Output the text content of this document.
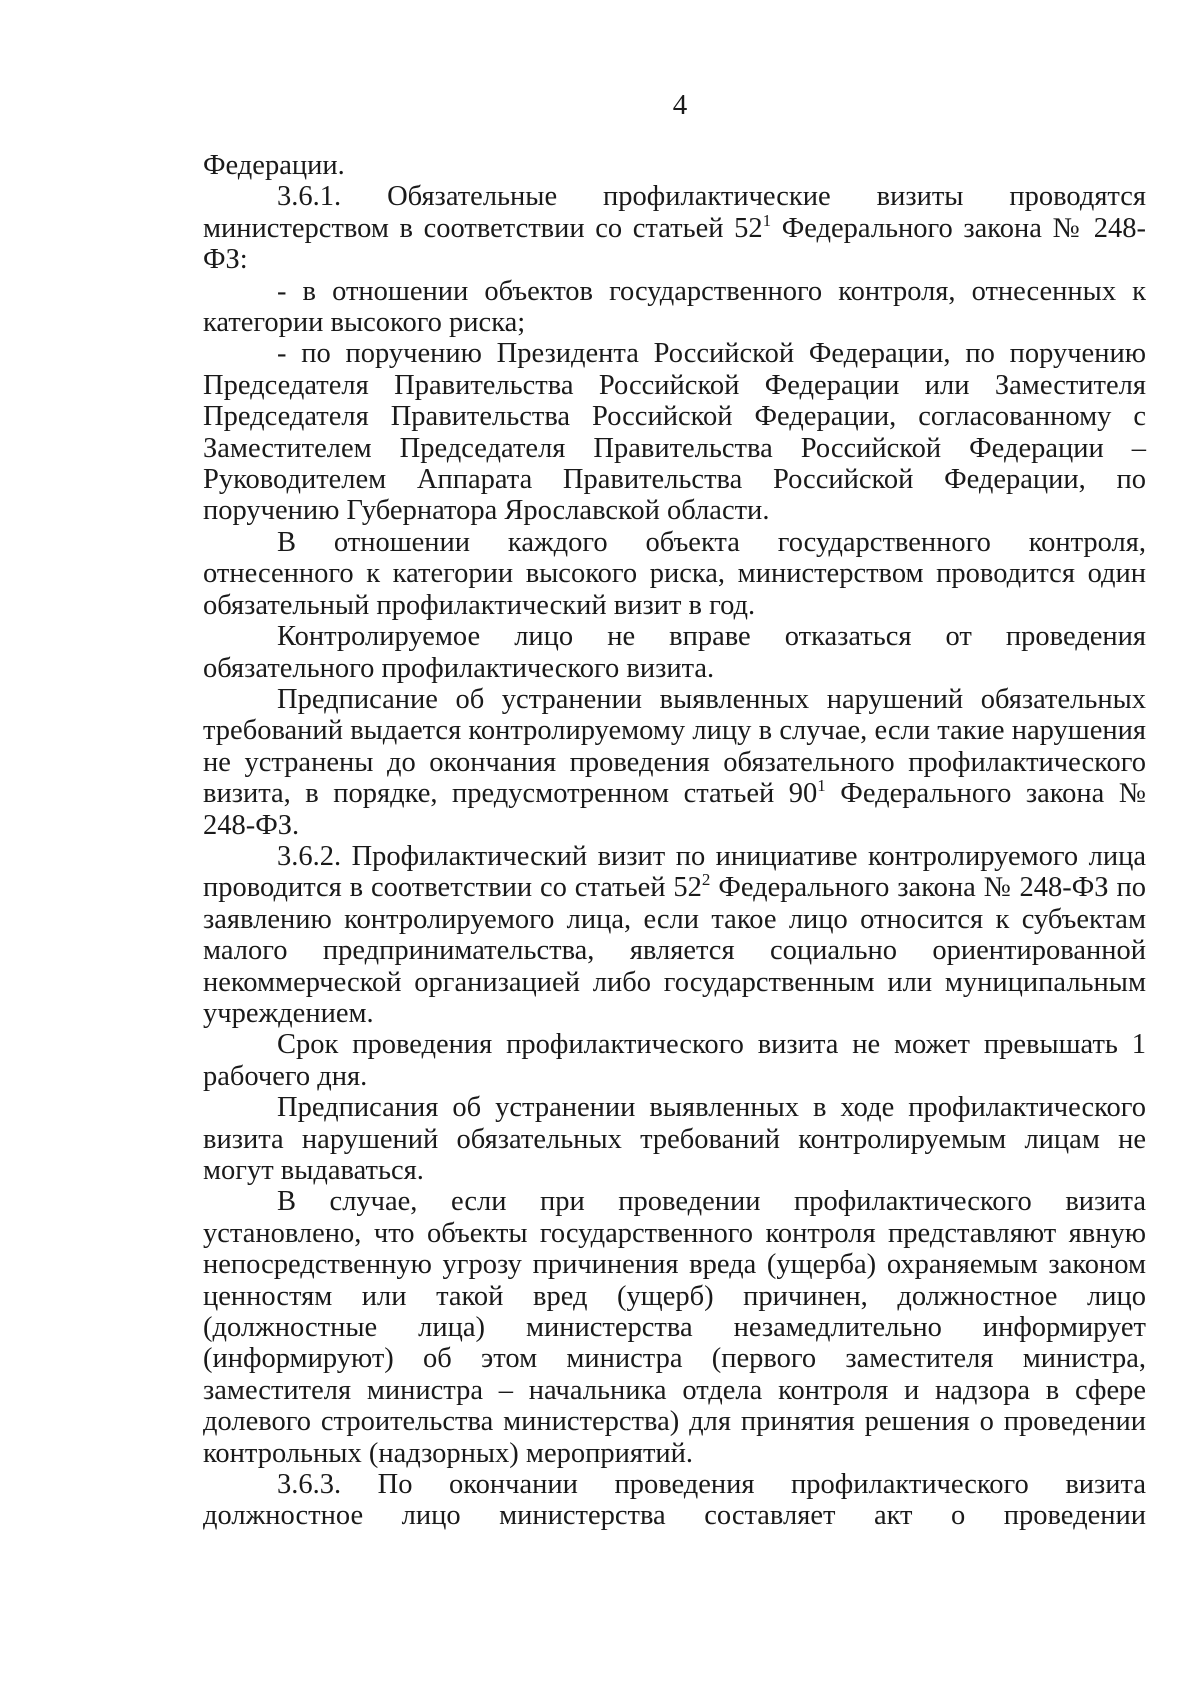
4

Федерации.

3.6.1. Обязательные профилактические визиты проводятся министерством в соответствии со статьей $52^1$ Федерального закона № 248-ФЗ:

- в отношении объектов государственного контроля, отнесенных к категории высокого риска;

- по поручению Президента Российской Федерации, по поручению Председателя Правительства Российской Федерации или Заместителя Председателя Правительства Российской Федерации, согласованному с Заместителем Председателя Правительства Российской Федерации – Руководителем Аппарата Правительства Российской Федерации, по поручению Губернатора Ярославской области.

В отношении каждого объекта государственного контроля, отнесенного к категории высокого риска, министерством проводится один обязательный профилактический визит в год.

Контролируемое лицо не вправе отказаться от проведения обязательного профилактического визита.

Предписание об устранении выявленных нарушений обязательных требований выдается контролируемому лицу в случае, если такие нарушения не устранены до окончания проведения обязательного профилактического визита, в порядке, предусмотренном статьей $90^1$ Федерального закона № 248-ФЗ.

3.6.2. Профилактический визит по инициативе контролируемого лица проводится в соответствии со статьей $52^2$ Федерального закона № 248-ФЗ по заявлению контролируемого лица, если такое лицо относится к субъектам малого предпринимательства, является социально ориентированной некоммерческой организацией либо государственным или муниципальным учреждением.

Срок проведения профилактического визита не может превышать 1 рабочего дня.

Предписания об устранении выявленных в ходе профилактического визита нарушений обязательных требований контролируемым лицам не могут выдаваться.

В случае, если при проведении профилактического визита установлено, что объекты государственного контроля представляют явную непосредственную угрозу причинения вреда (ущерба) охраняемым законом ценностям или такой вред (ущерб) причинен, должностное лицо (должностные лица) министерства незамедлительно информирует (информируют) об этом министра (первого заместителя министра, заместителя министра – начальника отдела контроля и надзора в сфере долевого строительства министерства) для принятия решения о проведении контрольных (надзорных) мероприятий.

3.6.3. По окончании проведения профилактического визита должностное лицо министерства составляет акт о проведении
